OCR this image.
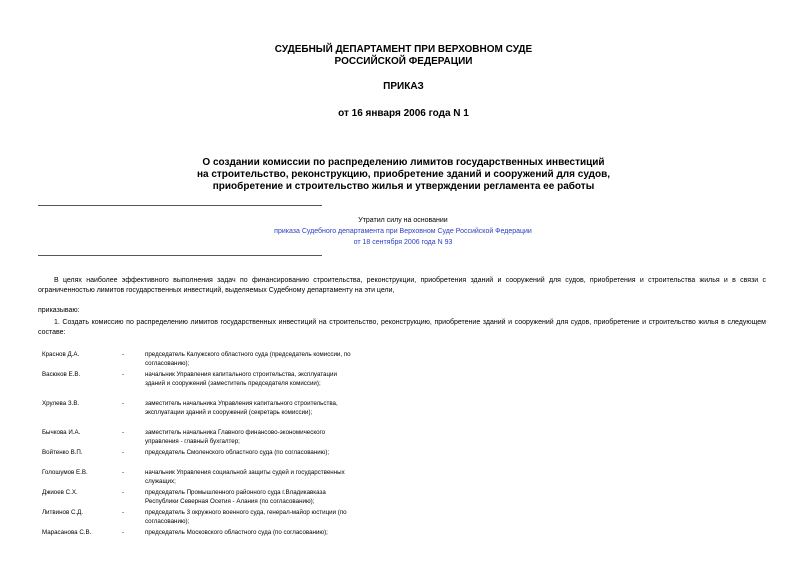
СУДЕБНЫЙ ДЕПАРТАМЕНТ ПРИ ВЕРХОВНОМ СУДЕ
РОССИЙСКОЙ ФЕДЕРАЦИИ
ПРИКАЗ
от 16 января 2006 года N 1
О создании комиссии по распределению лимитов государственных инвестиций
на строительство, реконструкцию, приобретение зданий и сооружений для судов,
приобретение и строительство жилья и утверждении регламента ее работы
Утратил силу на основании
приказа Судебного департамента при Верховном Суде Российской Федерации
от 18 сентября 2006 года N 93
В целях наиболее эффективного выполнения задач по финансированию строительства, реконструкции, приобретения зданий и сооружений для судов, приобретения и строительства жилья и в связи с ограниченностью лимитов государственных инвестиций, выделяемых Судебному департаменту на эти цели,
приказываю:
1. Создать комиссию по распределению лимитов государственных инвестиций на строительство, реконструкцию, приобретение зданий и сооружений для судов, приобретение и строительство жилья в следующем составе:
Краснов Д.А.	-	председатель Калужского областного суда (председатель комиссии, по согласованию);
Васюков Е.В.	-	начальник Управления капитального строительства, эксплуатации зданий и сооружений (заместитель председателя комиссии);
Хрулева З.В.	-	заместитель начальника Управления капитального строительства, эксплуатации зданий и сооружений (секретарь комиссии);
Бычкова И.А.	-	заместитель начальника Главного финансово-экономического управления - главный бухгалтер;
Войтенко В.П.	-	председатель Смоленского областного суда (по согласованию);
Голошумов Е.В.	-	начальник Управления социальной защиты судей и государственных служащих;
Джиоев С.Х.	-	председатель Промышленного районного суда г.Владикавказа Республики Северная Осетия - Алания (по согласованию);
Литвинов С.Д.	-	председатель 3 окружного военного суда, генерал-майор юстиции (по согласованию);
Марасанова С.В.	-	председатель Московского областного суда (по согласованию);
